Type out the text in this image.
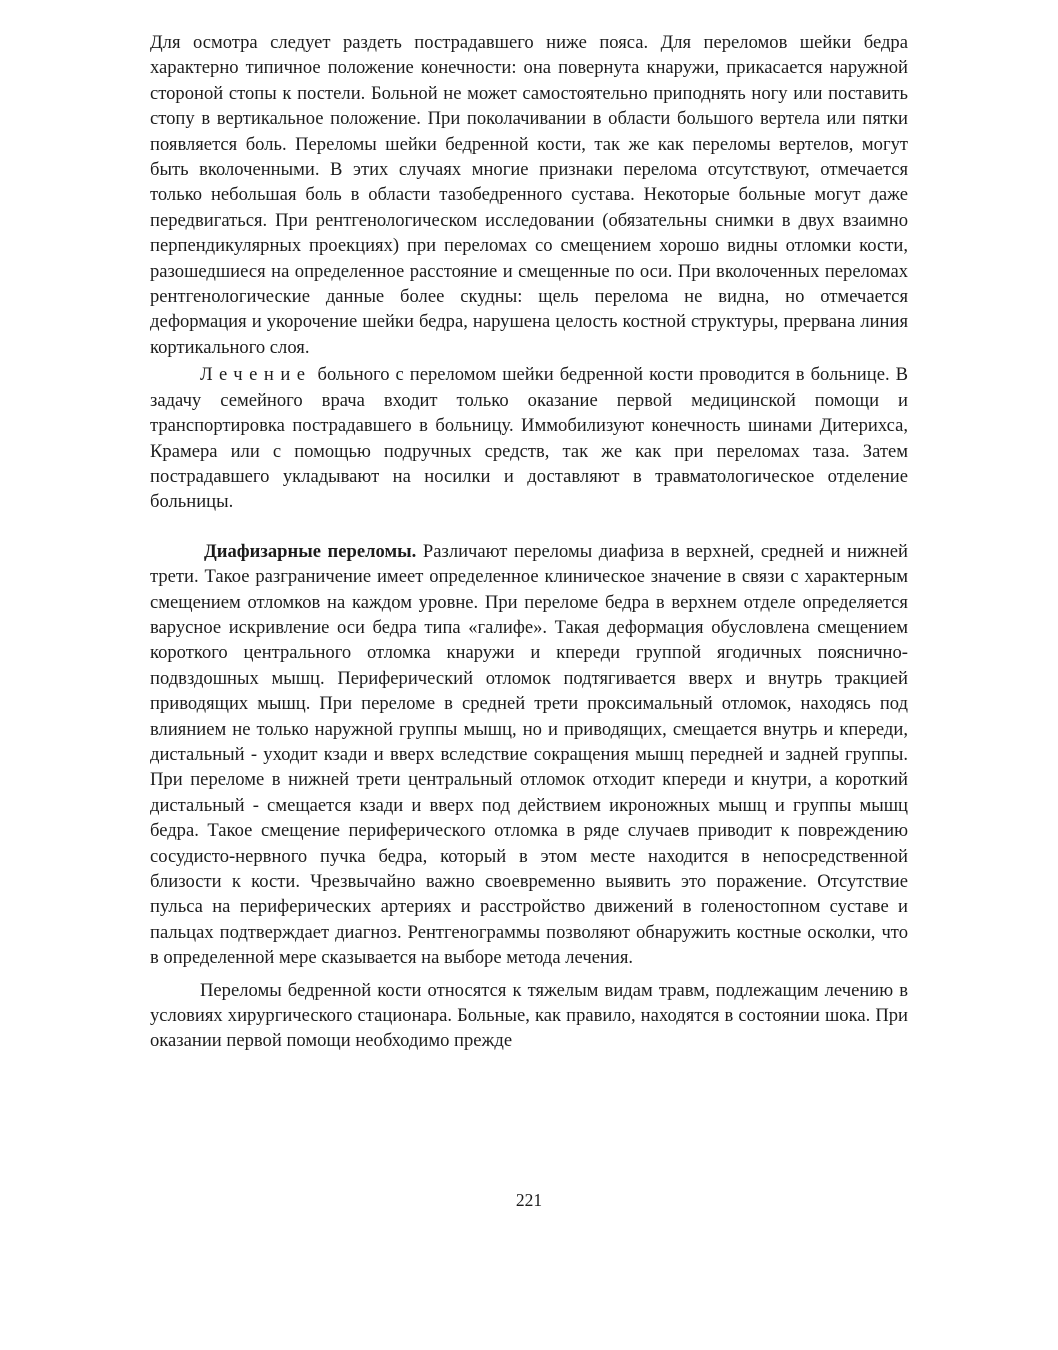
Для осмотра следует раздеть пострадавшего ниже пояса. Для переломов шейки бедра характерно типичное положение конечности: она повернута кнаружи, прикасается наружной стороной стопы к постели. Больной не может самостоятельно приподнять ногу или поставить стопу в вертикальное положение. При поколачивании в области большого вертела или пятки появляется боль. Переломы шейки бедренной кости, так же как переломы вертелов, могут быть вколоченными. В этих случаях многие признаки перелома отсутствуют, отмечается только небольшая боль в области тазобедренного сустава. Некоторые больные могут даже передвигаться. При рентгенологическом исследовании (обязательны снимки в двух взаимно перпендикулярных проекциях) при переломах со смещением хорошо видны отломки кости, разошедшиеся на определенное расстояние и смещенные по оси. При вколоченных переломах рентгенологические данные более скудны: щель перелома не видна, но отмечается деформация и укорочение шейки бедра, нарушена целость костной структуры, прервана линия кортикального слоя.

Лечение больного с переломом шейки бедренной кости проводится в больнице. В задачу семейного врача входит только оказание первой медицинской помощи и транспортировка пострадавшего в больницу. Иммобилизуют конечность шинами Дитерихса, Крамера или с помощью подручных средств, так же как при переломах таза. Затем пострадавшего укладывают на носилки и доставляют в травматологическое отделение больницы.

Диафизарные переломы. Различают переломы диафиза в верхней, средней и нижней трети. Такое разграничение имеет определенное клиническое значение в связи с характерным смещением отломков на каждом уровне. При переломе бедра в верхнем отделе определяется варусное искривление оси бедра типа «галифе». Такая деформация обусловлена смещением короткого центрального отломка кнаружи и кпереди группой ягодичных пояснично-подвздошных мышц. Периферический отломок подтягивается вверх и внутрь тракцией приводящих мышц. При переломе в средней трети проксимальный отломок, находясь под влиянием не только наружной группы мышц, но и приводящих, смещается внутрь и кпереди, дистальный - уходит кзади и вверх вследствие сокращения мышц передней и задней группы. При переломе в нижней трети центральный отломок отходит кпереди и кнутри, а короткий дистальный - смещается кзади и вверх под действием икроножных мышц и группы мышц бедра. Такое смещение периферического отломка в ряде случаев приводит к повреждению сосудисто-нервного пучка бедра, который в этом месте находится в непосредственной близости к кости. Чрезвычайно важно своевременно выявить это поражение. Отсутствие пульса на периферических артериях и расстройство движений в голеностопном суставе и пальцах подтверждает диагноз. Рентгенограммы позволяют обнаружить костные осколки, что в определенной мере сказывается на выборе метода лечения.

Переломы бедренной кости относятся к тяжелым видам травм, подлежащим лечению в условиях хирургического стационара. Больные, как правило, находятся в состоянии шока. При оказании первой помощи необходимо прежде

221
